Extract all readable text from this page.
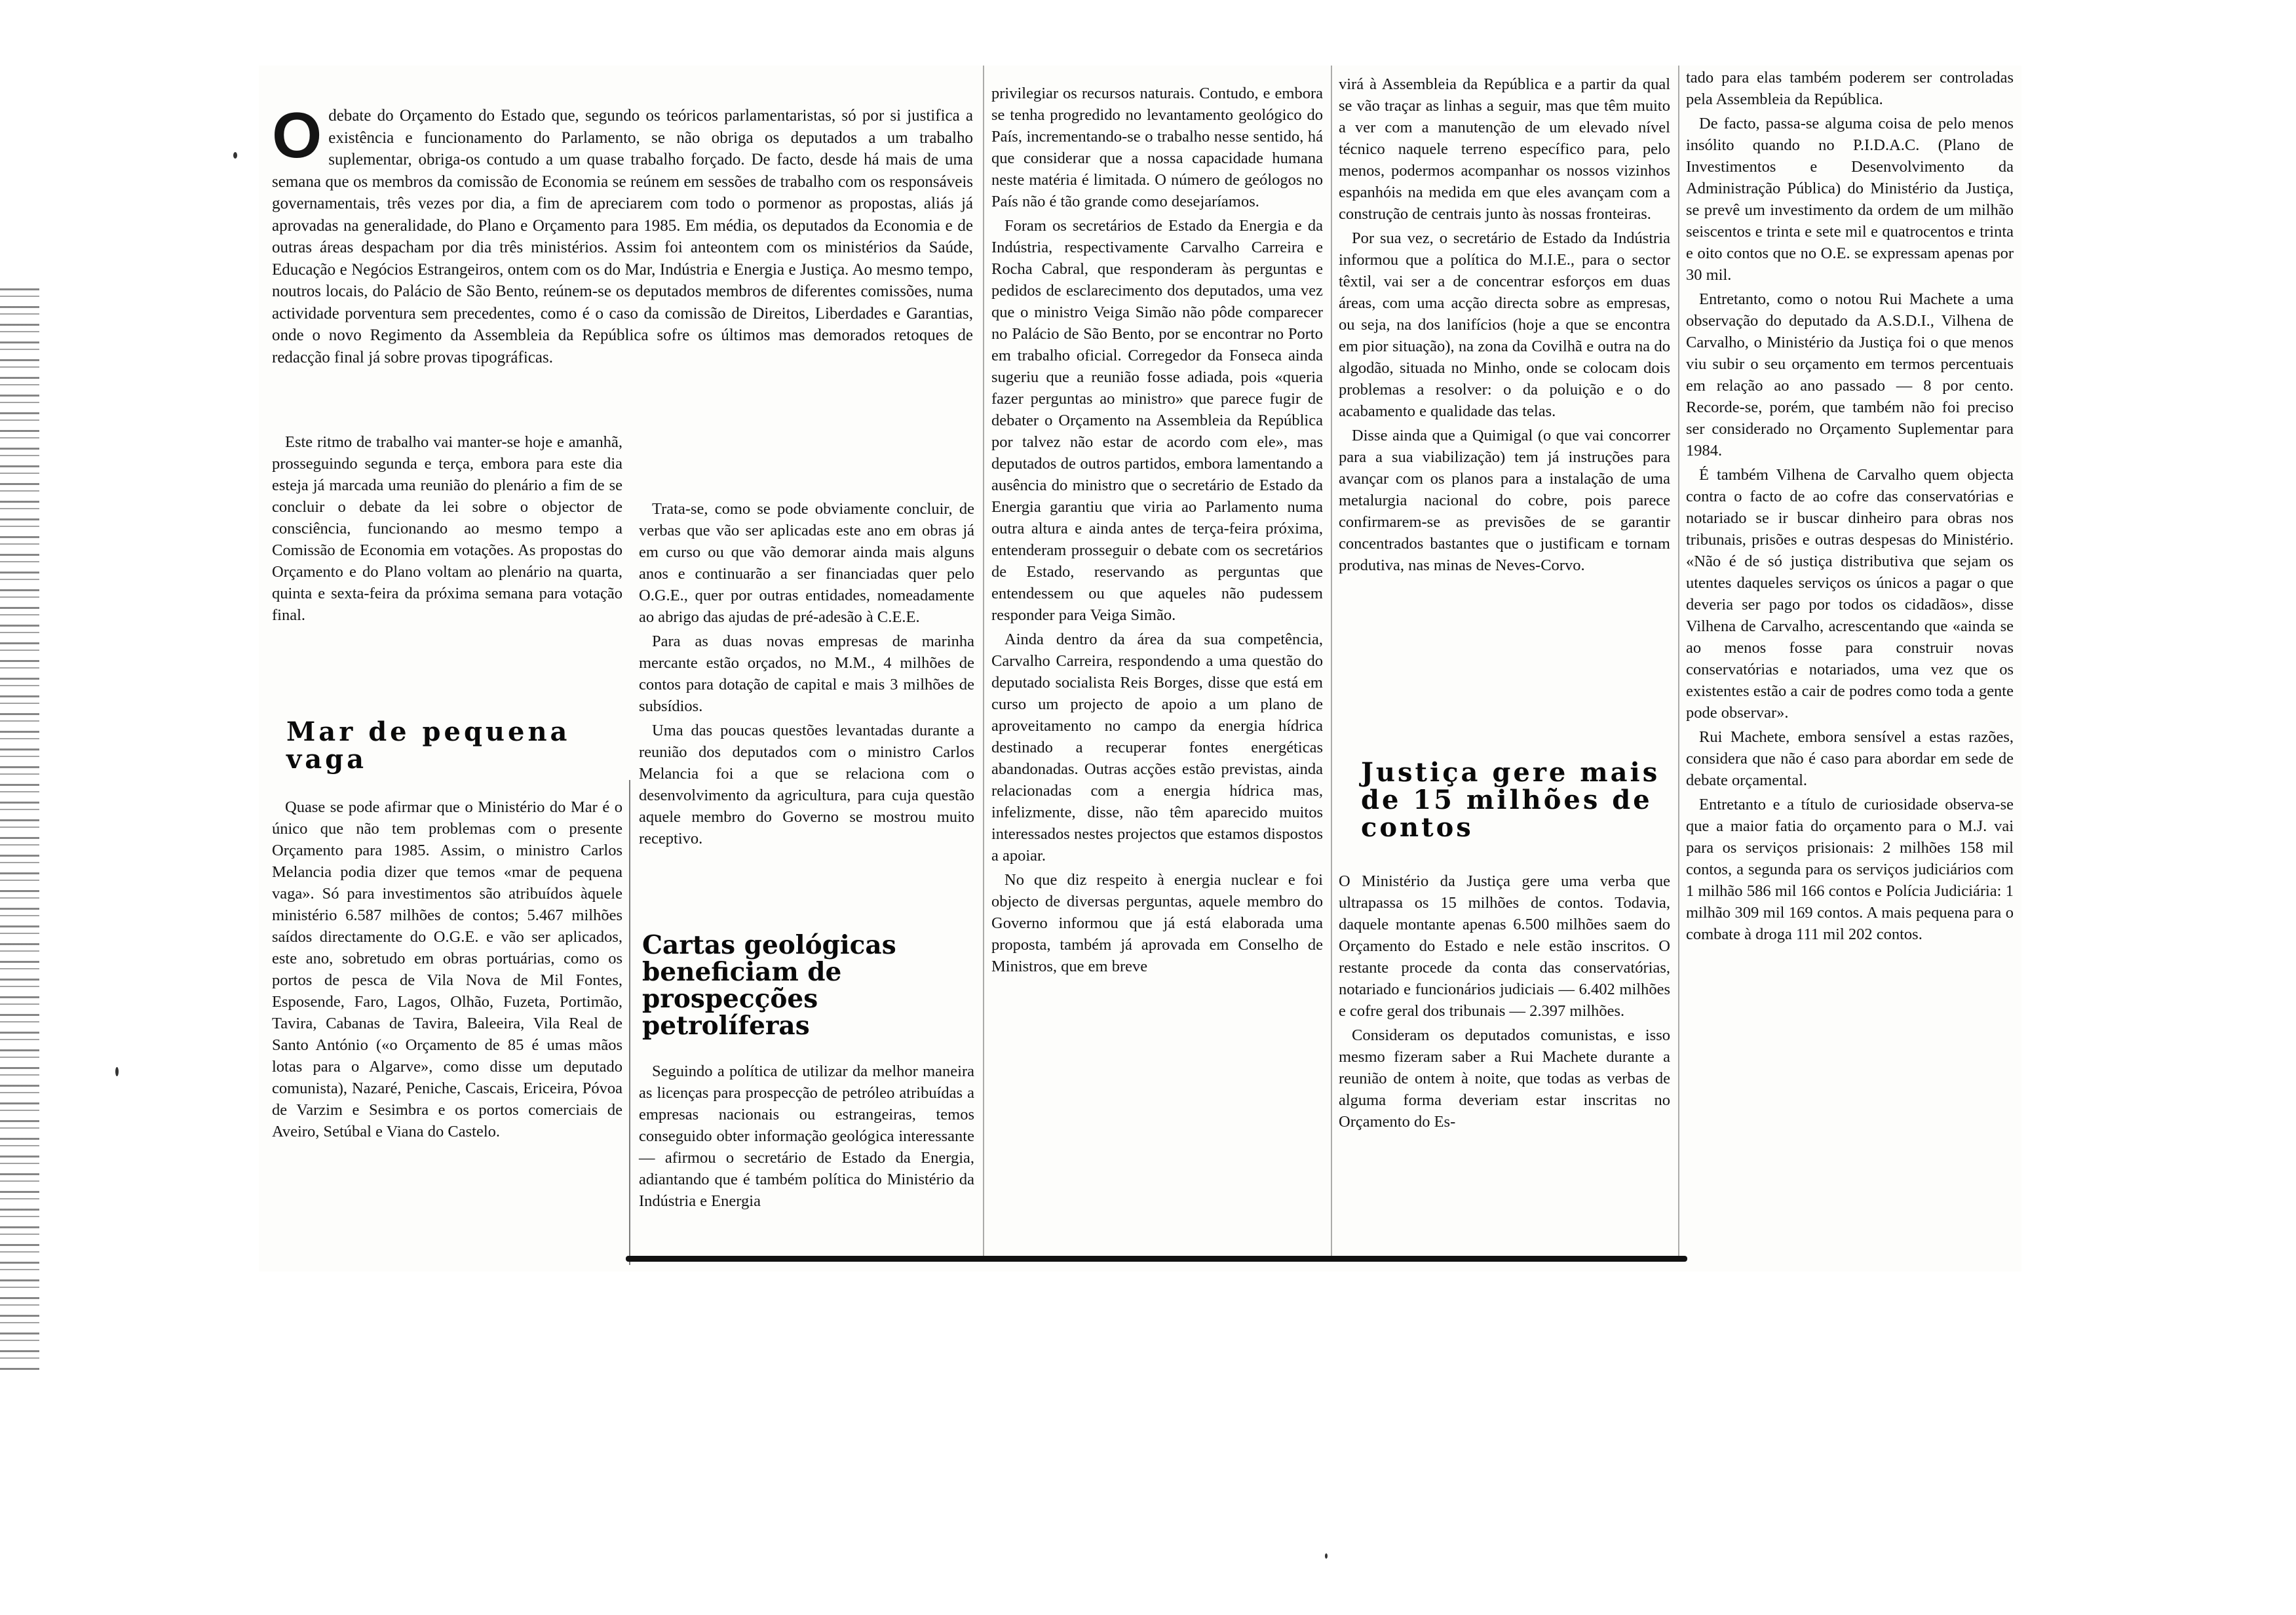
O debate do Orçamento do Estado que, segundo os teóricos parlamentaristas, só por si justifica a existência e funcionamento do Parlamento, se não obriga os deputados a um trabalho suplementar, obriga-os contudo a um quase trabalho forçado. De facto, desde há mais de uma semana que os membros da comissão de Economia se reúnem em sessões de trabalho com os responsáveis governamentais, três vezes por dia, a fim de apreciarem com todo o pormenor as propostas, aliás já aprovadas na generalidade, do Plano e Orçamento para 1985. Em média, os deputados da Economia e de outras áreas despacham por dia três ministérios. Assim foi anteontem com os ministérios da Saúde, Educação e Negócios Estrangeiros, ontem com os do Mar, Indústria e Energia e Justiça. Ao mesmo tempo, noutros locais, do Palácio de São Bento, reúnem-se os deputados membros de diferentes comissões, numa actividade porventura sem precedentes, como é o caso da comissão de Direitos, Liberdades e Garantias, onde o novo Regimento da Assembleia da República sofre os últimos mas demorados retoques de redacção final já sobre provas tipográficas.

Este ritmo de trabalho vai manter-se hoje e amanhã, prosseguindo segunda e terça, embora para este dia esteja já marcada uma reunião do plenário a fim de se concluir o debate da lei sobre o objector de consciência, funcionando ao mesmo tempo a Comissão de Economia em votações. As propostas do Orçamento e do Plano voltam ao plenário na quarta, quinta e sexta-feira da próxima semana para votação final.

Mar de pequena vaga

Quase se pode afirmar que o Ministério do Mar é o único que não tem problemas com o presente Orçamento para 1985. Assim, o ministro Carlos Melancia podia dizer que temos «mar de pequena vaga». Só para investimentos são atribuídos àquele ministério 6.587 milhões de contos; 5.467 milhões saídos directamente do O.G.E. e vão ser aplicados, este ano, sobretudo em obras portuárias, como os portos de pesca de Vila Nova de Mil Fontes, Esposende, Faro, Lagos, Olhão, Fuzeta, Portimão, Tavira, Cabanas de Tavira, Baleeira, Vila Real de Santo António («o Orçamento de 85 é umas mãos lotas para o Algarve», como disse um deputado comunista), Nazaré, Peniche, Cascais, Ericeira, Póvoa de Varzim e Sesimbra e os portos comerciais de Aveiro, Setúbal e Viana do Castelo.

Trata-se, como se pode obviamente concluir, de verbas que vão ser aplicadas este ano em obras já em curso ou que vão demorar ainda mais alguns anos e continuarão a ser financiadas quer pelo O.G.E., quer por outras entidades, nomeadamente ao abrigo das ajudas de pré-adesão à C.E.E.

Para as duas novas empresas de marinha mercante estão orçados, no M.M., 4 milhões de contos para dotação de capital e mais 3 milhões de subsídios.

Uma das poucas questões levantadas durante a reunião dos deputados com o ministro Carlos Melancia foi a que se relaciona com o desenvolvimento da agricultura, para cuja questão aquele membro do Governo se mostrou muito receptivo.

Cartas geológicas beneficiam de prospecções petrolíferas

Seguindo a política de utilizar da melhor maneira as licenças para prospecção de petróleo atribuídas a empresas nacionais ou estrangeiras, temos conseguido obter informação geológica interessante — afirmou o secretário de Estado da Energia, adiantando que é também política do Ministério da Indústria e Energia

privilegiar os recursos naturais. Contudo, e embora se tenha progredido no levantamento geológico do País, incrementando-se o trabalho nesse sentido, há que considerar que a nossa capacidade humana neste matéria é limitada. O número de geólogos no País não é tão grande como desejaríamos.

Foram os secretários de Estado da Energia e da Indústria, respectivamente Carvalho Carreira e Rocha Cabral, que responderam às perguntas e pedidos de esclarecimento dos deputados, uma vez que o ministro Veiga Simão não pôde comparecer no Palácio de São Bento, por se encontrar no Porto em trabalho oficial. Corregedor da Fonseca ainda sugeriu que a reunião fosse adiada, pois «queria fazer perguntas ao ministro» que parece fugir de debater o Orçamento na Assembleia da República por talvez não estar de acordo com ele», mas deputados de outros partidos, embora lamentando a ausência do ministro que o secretário de Estado da Energia garantiu que viria ao Parlamento numa outra altura e ainda antes de terça-feira próxima, entenderam prosseguir o debate com os secretários de Estado, reservando as perguntas que entendessem ou que aqueles não pudessem responder para Veiga Simão.

Ainda dentro da área da sua competência, Carvalho Carreira, respondendo a uma questão do deputado socialista Reis Borges, disse que está em curso um projecto de apoio a um plano de aproveitamento no campo da energia hídrica destinado a recuperar fontes energéticas abandonadas. Outras acções estão previstas, ainda relacionadas com a energia hídrica mas, infelizmente, disse, não têm aparecido muitos interessados nestes projectos que estamos dispostos a apoiar.

No que diz respeito à energia nuclear e foi objecto de diversas perguntas, aquele membro do Governo informou que já está elaborada uma proposta, também já aprovada em Conselho de Ministros, que em breve

virá à Assembleia da República e a partir da qual se vão traçar as linhas a seguir, mas que têm muito a ver com a manutenção de um elevado nível técnico naquele terreno específico para, pelo menos, podermos acompanhar os nossos vizinhos espanhóis na medida em que eles avançam com a construção de centrais junto às nossas fronteiras.

Por sua vez, o secretário de Estado da Indústria informou que a política do M.I.E., para o sector têxtil, vai ser a de concentrar esforços em duas áreas, com uma acção directa sobre as empresas, ou seja, na dos lanifícios (hoje a que se encontra em pior situação), na zona da Covilhã e outra na do algodão, situada no Minho, onde se colocam dois problemas a resolver: o da poluição e o do acabamento e qualidade das telas.

Disse ainda que a Quimigal (o que vai concorrer para a sua viabilização) tem já instruções para avançar com os planos para a instalação de uma metalurgia nacional do cobre, pois parece confirmarem-se as previsões de se garantir concentrados bastantes que o justificam e tornam produtiva, nas minas de Neves-Corvo.

Justiça gere mais de 15 milhões de contos

O Ministério da Justiça gere uma verba que ultrapassa os 15 milhões de contos. Todavia, daquele montante apenas 6.500 milhões saem do Orçamento do Estado e nele estão inscritos. O restante procede da conta das conservatórias, notariado e funcionários judiciais — 6.402 milhões e cofre geral dos tribunais — 2.397 milhões.

Consideram os deputados comunistas, e isso mesmo fizeram saber a Rui Machete durante a reunião de ontem à noite, que todas as verbas de alguma forma deveriam estar inscritas no Orçamento do Es-

tado para elas também poderem ser controladas pela Assembleia da República.

De facto, passa-se alguma coisa de pelo menos insólito quando no P.I.D.A.C. (Plano de Investimentos e Desenvolvimento da Administração Pública) do Ministério da Justiça, se prevê um investimento da ordem de um milhão seiscentos e trinta e sete mil e quatrocentos e trinta e oito contos que no O.E. se expressam apenas por 30 mil.

Entretanto, como o notou Rui Machete a uma observação do deputado da A.S.D.I., Vilhena de Carvalho, o Ministério da Justiça foi o que menos viu subir o seu orçamento em termos percentuais em relação ao ano passado — 8 por cento. Recorde-se, porém, que também não foi preciso ser considerado no Orçamento Suplementar para 1984.

É também Vilhena de Carvalho quem objecta contra o facto de ao cofre das conservatórias e notariado se ir buscar dinheiro para obras nos tribunais, prisões e outras despesas do Ministério. «Não é de só justiça distributiva que sejam os utentes daqueles serviços os únicos a pagar o que deveria ser pago por todos os cidadãos», disse Vilhena de Carvalho, acrescentando que «ainda se ao menos fosse para construir novas conservatórias e notariados, uma vez que os existentes estão a cair de podres como toda a gente pode observar».

Rui Machete, embora sensível a estas razões, considera que não é caso para abordar em sede de debate orçamental.

Entretanto e a título de curiosidade observa-se que a maior fatia do orçamento para o M.J. vai para os serviços prisionais: 2 milhões 158 mil contos, a segunda para os serviços judiciários com 1 milhão 586 mil 166 contos e Polícia Judiciária: 1 milhão 309 mil 169 contos. A mais pequena para o combate à droga 111 mil 202 contos.
